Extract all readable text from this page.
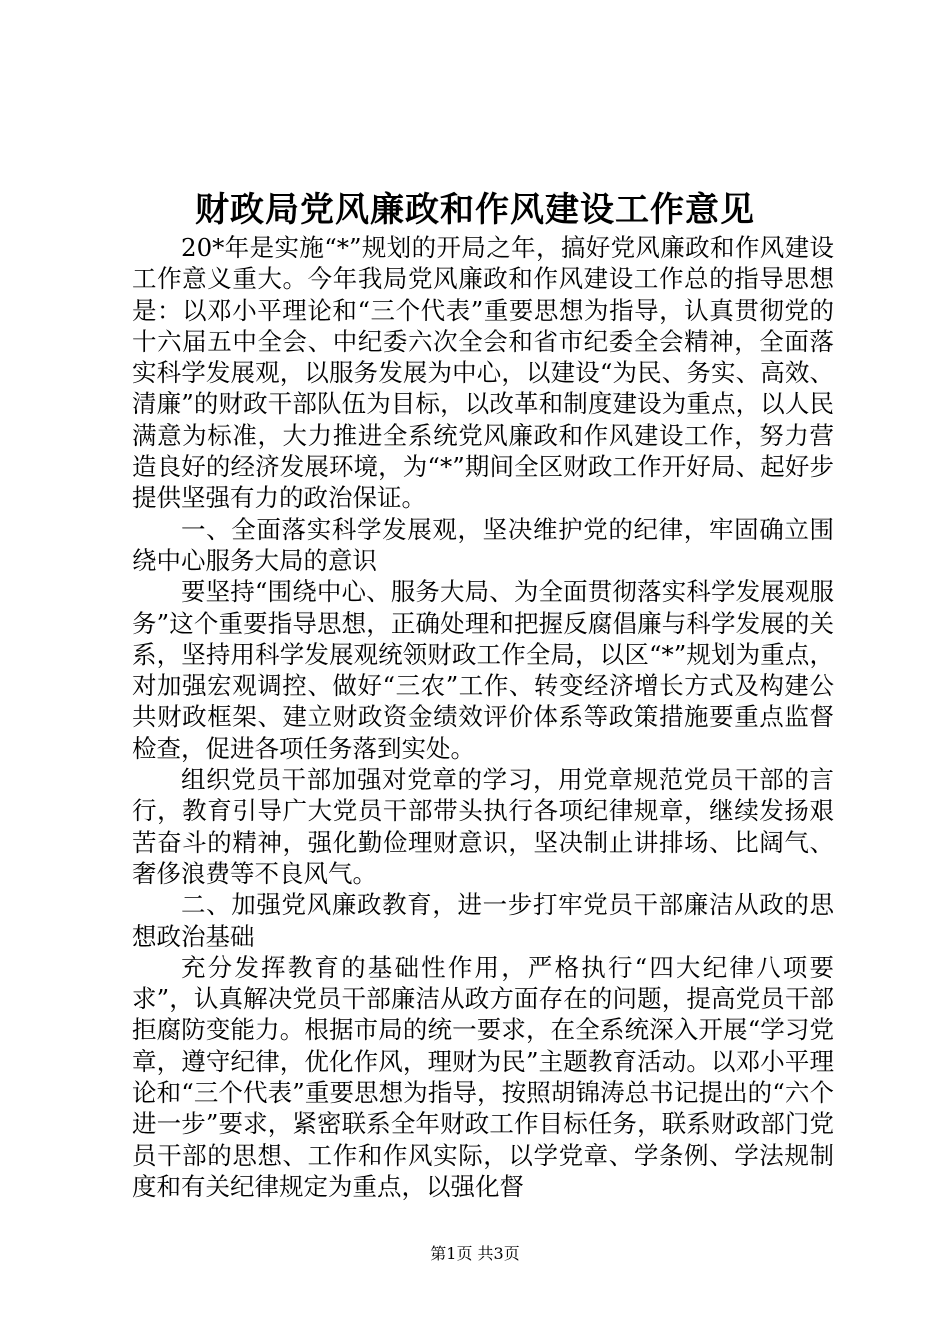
财政局党风廉政和作风建设工作意见

20*年是实施“*”规划的开局之年，搞好党风廉政和作风建设工作意义重大。今年我局党风廉政和作风建设工作总的指导思想是：以邓小平理论和“三个代表”重要思想为指导，认真贯彻党的十六届五中全会、中纪委六次全会和省市纪委全会精神，全面落实科学发展观，以服务发展为中心，以建设“为民、务实、高效、清廉”的财政干部队伍为目标，以改革和制度建设为重点，以人民满意为标准，大力推进全系统党风廉政和作风建设工作，努力营造良好的经济发展环境，为“*”期间全区财政工作开好局、起好步提供坚强有力的政治保证。

一、全面落实科学发展观，坚决维护党的纪律，牢固确立围绕中心服务大局的意识

要坚持“围绕中心、服务大局、为全面贯彻落实科学发展观服务”这个重要指导思想，正确处理和把握反腐倡廉与科学发展的关系，坚持用科学发展观统领财政工作全局，以区“*”规划为重点，对加强宏观调控、做好“三农”工作、转变经济增长方式及构建公共财政框架、建立财政资金绩效评价体系等政策措施要重点监督检查，促进各项任务落到实处。

组织党员干部加强对党章的学习，用党章规范党员干部的言行，教育引导广大党员干部带头执行各项纪律规章，继续发扬艰苦奋斗的精神，强化勤俭理财意识，坚决制止讲排场、比阔气、奢侈浪费等不良风气。

二、加强党风廉政教育，进一步打牢党员干部廉洁从政的思想政治基础

充分发挥教育的基础性作用，严格执行“四大纪律八项要求”，认真解决党员干部廉洁从政方面存在的问题，提高党员干部拒腐防变能力。根据市局的统一要求，在全系统深入开展“学习党章，遵守纪律，优化作风，理财为民”主题教育活动。以邓小平理论和“三个代表”重要思想为指导，按照胡锦涛总书记提出的“六个进一步”要求，紧密联系全年财政工作目标任务，联系财政部门党员干部的思想、工作和作风实际，以学党章、学条例、学法规制度和有关纪律规定为重点，以强化督

第1页 共3页
